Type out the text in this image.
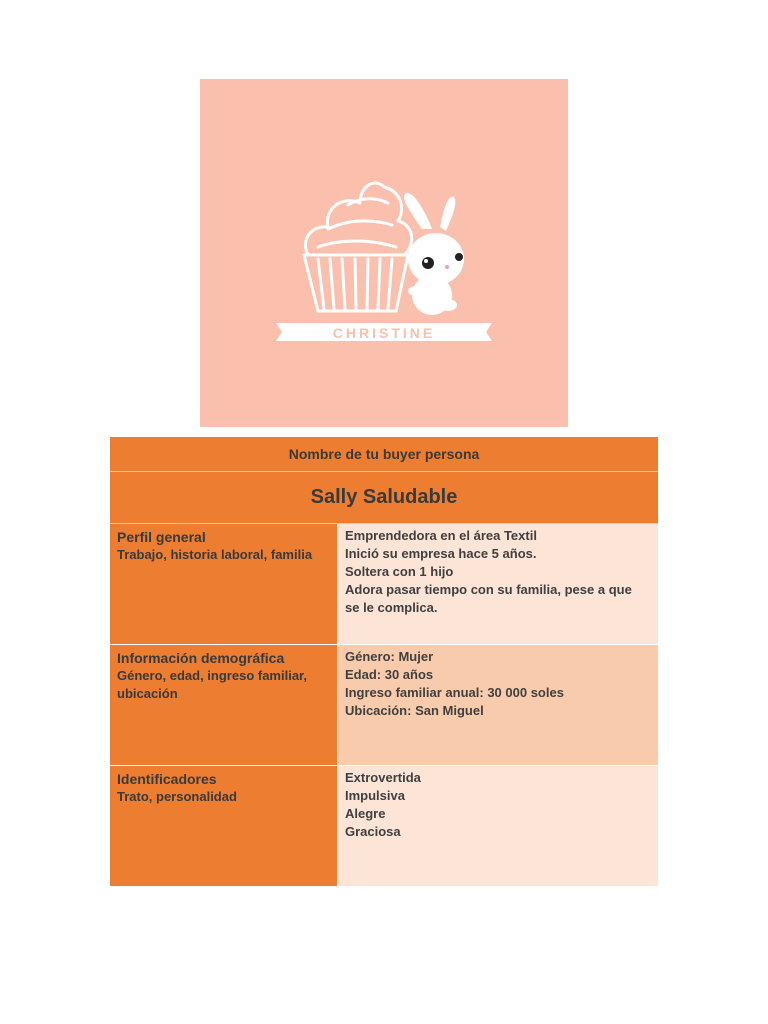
CHRISTINE
Nombre de tu buyer persona
Sally Saludable
Perfil general
Trabajo, historia laboral, familia
Emprendedora en el área Textil
Inició su empresa hace 5 años.
Soltera con 1 hijo
Adora pasar tiempo con su familia, pese a que
se le complica.
Información demográfica
Género, edad, ingreso familiar,
ubicación
Género: Mujer
Edad: 30 años
Ingreso familiar anual: 30 000 soles
Ubicación: San Miguel
Identificadores
Trato, personalidad
Extrovertida
Impulsiva
Alegre
Graciosa
